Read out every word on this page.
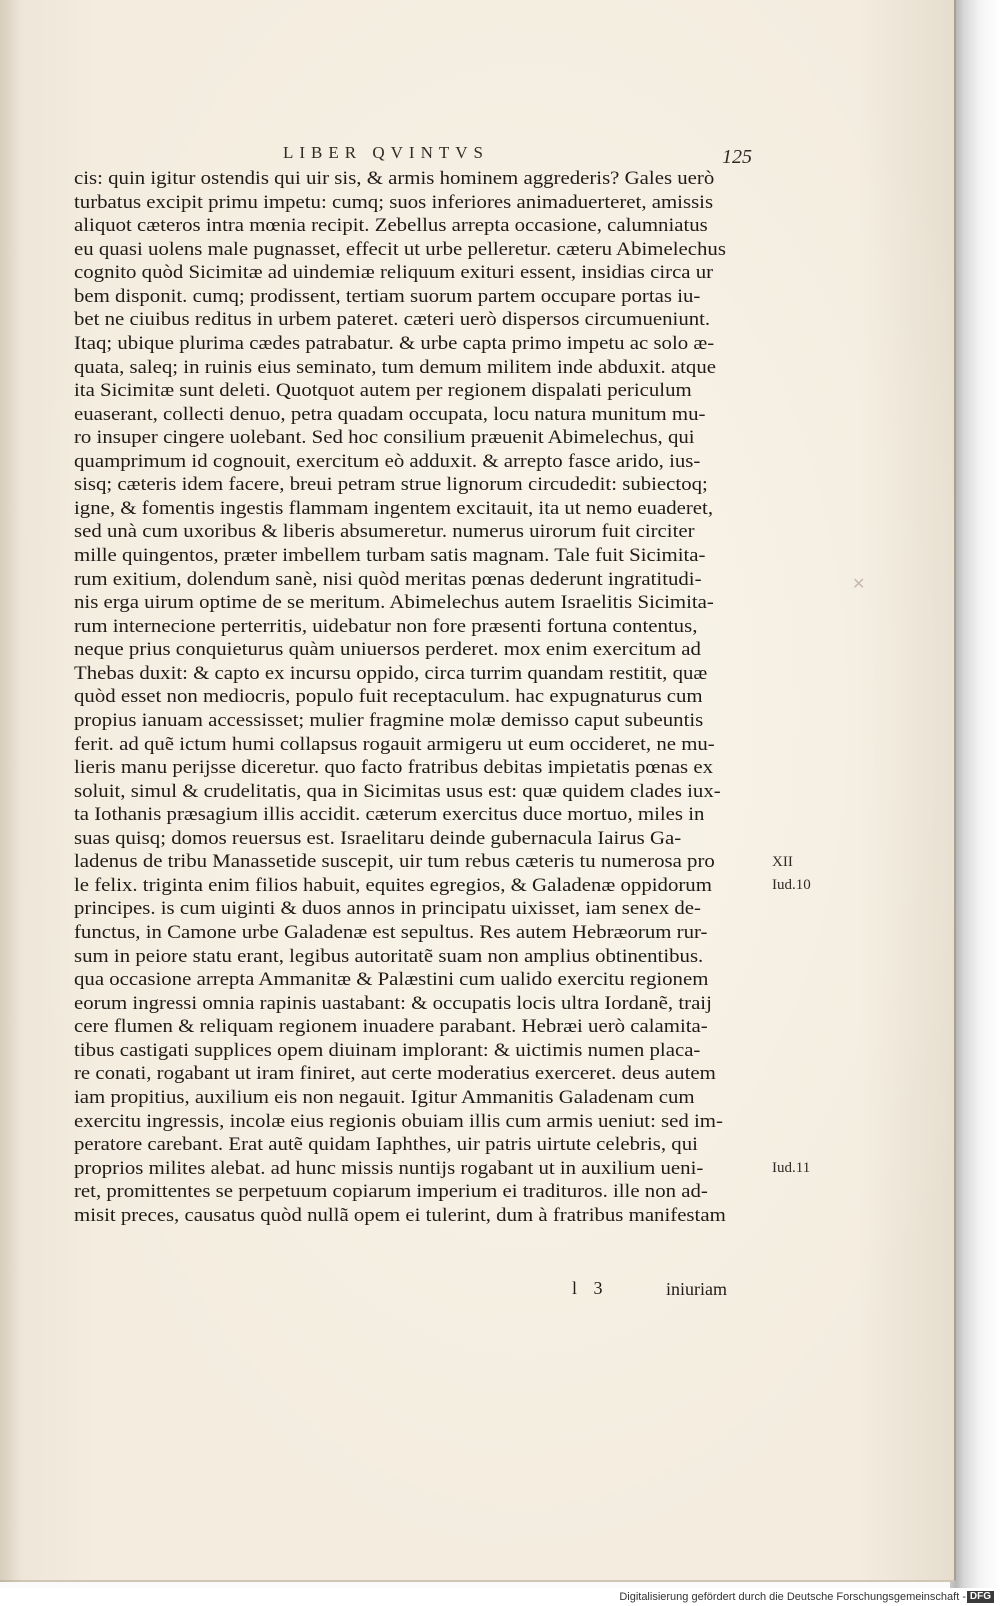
LIBER QVINTVS	125
cis: quin igitur ostendis qui uir sis, & armis hominem aggrederis? Gales uerò
turbatus excipit primu impetu: cumq; suos inferiores animaduerteret, amissis
aliquot cæteros intra mœnia recipit. Zebellus arrepta occasione, calumniatus
eu quasi uolens male pugnasset, effecit ut urbe pelleretur. cæteru Abimelechus
cognito quòd Sicimitæ ad uindemiæ reliquum exituri essent, insidias circa ur
bem disponit. cumq; prodissent, tertiam suorum partem occupare portas iu-
bet ne ciuibus reditus in urbem pateret. cæteri uerò dispersos circumueniunt.
Itaq; ubique plurima cædes patrabatur. & urbe capta primo impetu ac solo æ-
quata, saleq; in ruinis eius seminato, tum demum militem inde abduxit. atque
ita Sicimitæ sunt deleti. Quotquot autem per regionem dispalati periculum
euaserant, collecti denuo, petra quadam occupata, locu natura munitum mu-
ro insuper cingere uolebant. Sed hoc consilium præuenit Abimelechus, qui
quamprimum id cognouit, exercitum eò adduxit. & arrepto fasce arido, ius-
sisq; cæteris idem facere, breui petram strue lignorum circudedit: subiectoq;
igne, & fomentis ingestis flammam ingentem excitauit, ita ut nemo euaderet,
sed unà cum uxoribus & liberis absumeretur. numerus uirorum fuit circiter
mille quingentos, præter imbellem turbam satis magnam. Tale fuit Sicimita-
rum exitium, dolendum sanè, nisi quòd meritas pœnas dederunt ingratitudi-
nis erga uirum optime de se meritum. Abimelechus autem Israelitis Sicimita-
rum internecione perterritis, uidebatur non fore præsenti fortuna contentus,
neque prius conquieturus quàm uniuersos perderet. mox enim exercitum ad
Thebas duxit: & capto ex incursu oppido, circa turrim quandam restitit, quæ
quòd esset non mediocris, populo fuit receptaculum. hac expugnaturus cum
propius ianuam accessisset; mulier fragmine molæ demisso caput subeuntis
ferit. ad quẽ ictum humi collapsus rogauit armigeru ut eum occideret, ne mu-
lieris manu perijsse diceretur. quo facto fratribus debitas impietatis pœnas ex
soluit, simul & crudelitatis, qua in Sicimitas usus est: quæ quidem clades iux-
ta Iothanis præsagium illis accidit. cæterum exercitus duce mortuo, miles in
suas quisq; domos reuersus est. Israelitaru deinde gubernacula Iairus Ga-
ladenus de tribu Manassetide suscepit, uir tum rebus cæteris tu numerosa pro
le felix. triginta enim filios habuit, equites egregios, & Galadenæ oppidorum
principes. is cum uiginti & duos annos in principatu uixisset, iam senex de-
functus, in Camone urbe Galadenæ est sepultus. Res autem Hebræorum rur-
sum in peiore statu erant, legibus autoritatẽ suam non amplius obtinentibus.
qua occasione arrepta Ammanitæ & Palæstini cum ualido exercitu regionem
eorum ingressi omnia rapinis uastabant: & occupatis locis ultra Iordanẽ, traij
cere flumen & reliquam regionem inuadere parabant. Hebræi uerò calamita-
tibus castigati supplices opem diuinam implorant: & uictimis numen placa-
re conati, rogabant ut iram finiret, aut certe moderatius exerceret. deus autem
iam propitius, auxilium eis non negauit. Igitur Ammanitis Galadenam cum
exercitu ingressis, incolæ eius regionis obuiam illis cum armis ueniut: sed im-
peratore carebant. Erat autẽ quidam Iaphthes, uir patris uirtute celebris, qui
proprios milites alebat. ad hunc missis nuntijs rogabant ut in auxilium ueni-
ret, promittentes se perpetuum copiarum imperium ei tradituros. ille non ad-
misit preces, causatus quòd nullã opem ei tulerint, dum à fratribus manifestam
XII
Iud.10
Iud.11
l 3	iniuriam
✕
Digitalisierung gefördert durch die Deutsche Forschungsgemeinschaft - DFG
